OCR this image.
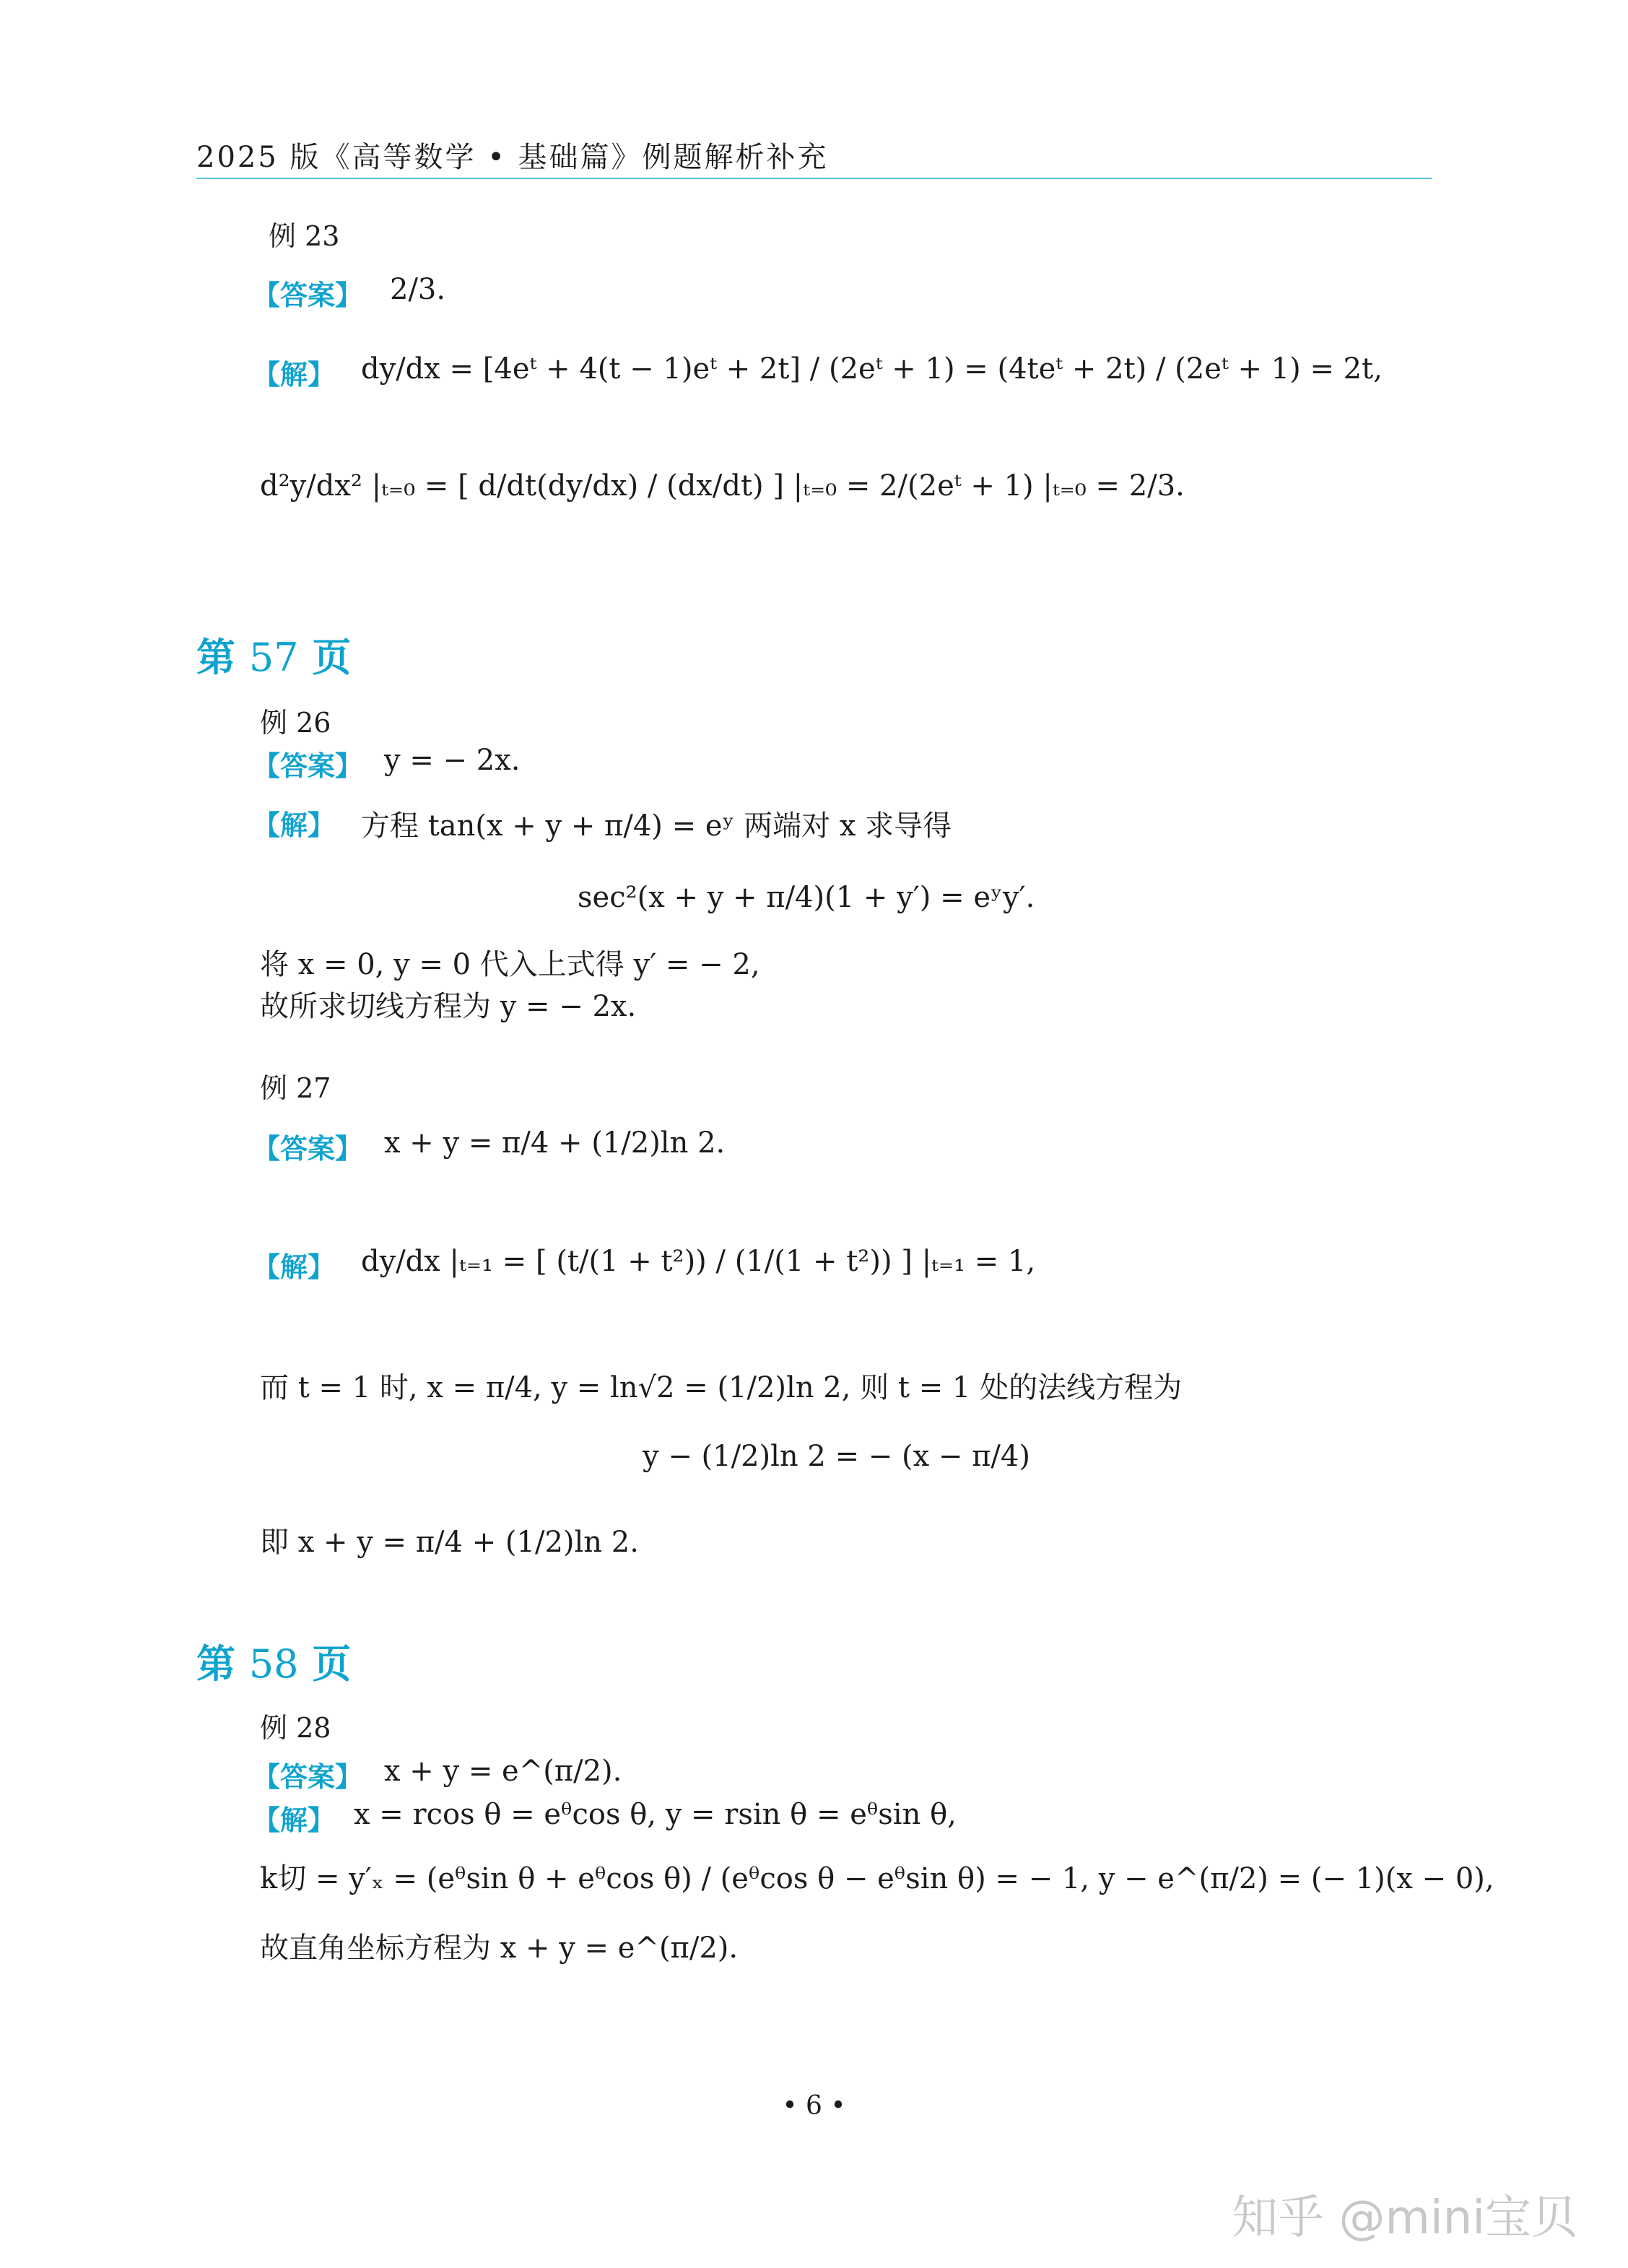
2025 版《高等数学 • 基础篇》例题解析补充
例 23
【答案】 2/3.
【解】 dy/dx = [4eᵗ + 4(t − 1)eᵗ + 2t] / (2eᵗ + 1) = (4teᵗ + 2t) / (2eᵗ + 1) = 2t,
d²y/dx² |ₜ₌₀ = [ d/dt(dy/dx) / (dx/dt) ] |ₜ₌₀ = 2/(2eᵗ + 1) |ₜ₌₀ = 2/3.
第 57 页
例 26
【答案】 y = − 2x.
【解】 方程 tan(x + y + π/4) = eʸ 两端对 x 求导得
sec²(x + y + π/4)(1 + y′) = eʸy′.
将 x = 0, y = 0 代入上式得 y′ = − 2,
故所求切线方程为 y = − 2x.
例 27
【答案】 x + y = π/4 + (1/2)ln 2.
【解】 dy/dx |ₜ₌₁ = [ (t/(1 + t²)) / (1/(1 + t²)) ] |ₜ₌₁ = 1,
而 t = 1 时, x = π/4, y = ln√2 = (1/2)ln 2, 则 t = 1 处的法线方程为
y − (1/2)ln 2 = − (x − π/4)
即 x + y = π/4 + (1/2)ln 2.
第 58 页
例 28
【答案】 x + y = e^(π/2).
【解】 x = rcos θ = eᶿcos θ, y = rsin θ = eᶿsin θ,
k切 = y′ₓ = (eᶿsin θ + eᶿcos θ) / (eᶿcos θ − eᶿsin θ) = − 1, y − e^(π/2) = (− 1)(x − 0),
故直角坐标方程为 x + y = e^(π/2).
• 6 •
知乎 @mini宝贝
